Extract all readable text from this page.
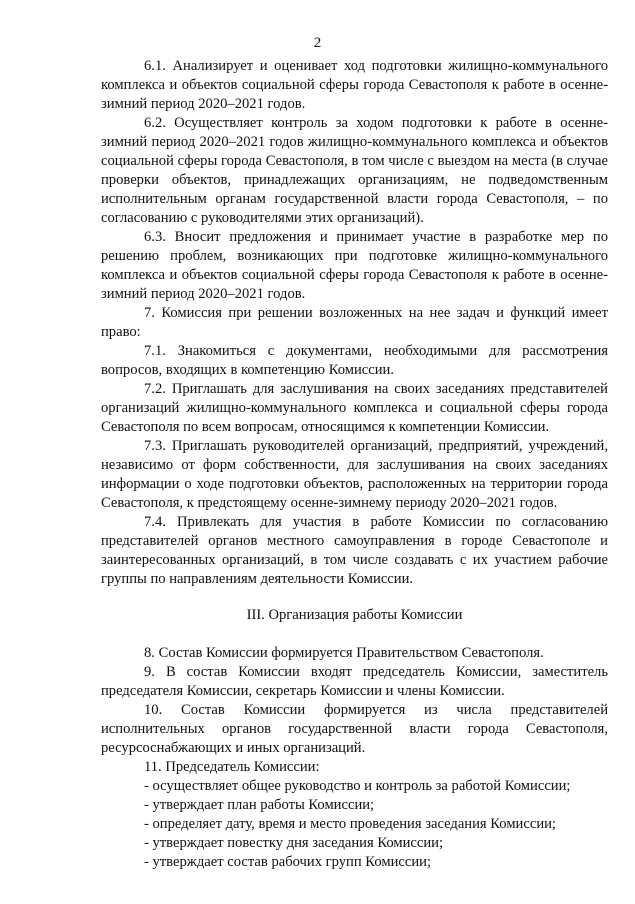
2

6.1. Анализирует и оценивает ход подготовки жилищно-коммунального комплекса и объектов социальной сферы города Севастополя к работе в осенне-зимний период 2020–2021 годов.

6.2. Осуществляет контроль за ходом подготовки к работе в осенне-зимний период 2020–2021 годов жилищно-коммунального комплекса и объектов социальной сферы города Севастополя, в том числе с выездом на места (в случае проверки объектов, принадлежащих организациям, не подведомственным исполнительным органам государственной власти города Севастополя, – по согласованию с руководителями этих организаций).

6.3. Вносит предложения и принимает участие в разработке мер по решению проблем, возникающих при подготовке жилищно-коммунального комплекса и объектов социальной сферы города Севастополя к работе в осенне-зимний период 2020–2021 годов.

7. Комиссия при решении возложенных на нее задач и функций имеет право:

7.1. Знакомиться с документами, необходимыми для рассмотрения вопросов, входящих в компетенцию Комиссии.

7.2. Приглашать для заслушивания на своих заседаниях представителей организаций жилищно-коммунального комплекса и социальной сферы города Севастополя по всем вопросам, относящимся к компетенции Комиссии.

7.3. Приглашать руководителей организаций, предприятий, учреждений, независимо от форм собственности, для заслушивания на своих заседаниях информации о ходе подготовки объектов, расположенных на территории города Севастополя, к предстоящему осенне-зимнему периоду 2020–2021 годов.

7.4. Привлекать для участия в работе Комиссии по согласованию представителей органов местного самоуправления в городе Севастополе и заинтересованных организаций, в том числе создавать с их участием рабочие группы по направлениям деятельности Комиссии.

III. Организация работы Комиссии

8. Состав Комиссии формируется Правительством Севастополя.

9. В состав Комиссии входят председатель Комиссии, заместитель председателя Комиссии, секретарь Комиссии и члены Комиссии.

10. Состав Комиссии формируется из числа представителей исполнительных органов государственной власти города Севастополя, ресурсоснабжающих и иных организаций.

11. Председатель Комиссии:

- осуществляет общее руководство и контроль за работой Комиссии;
- утверждает план работы Комиссии;
- определяет дату, время и место проведения заседания Комиссии;
- утверждает повестку дня заседания Комиссии;
- утверждает состав рабочих групп Комиссии;
